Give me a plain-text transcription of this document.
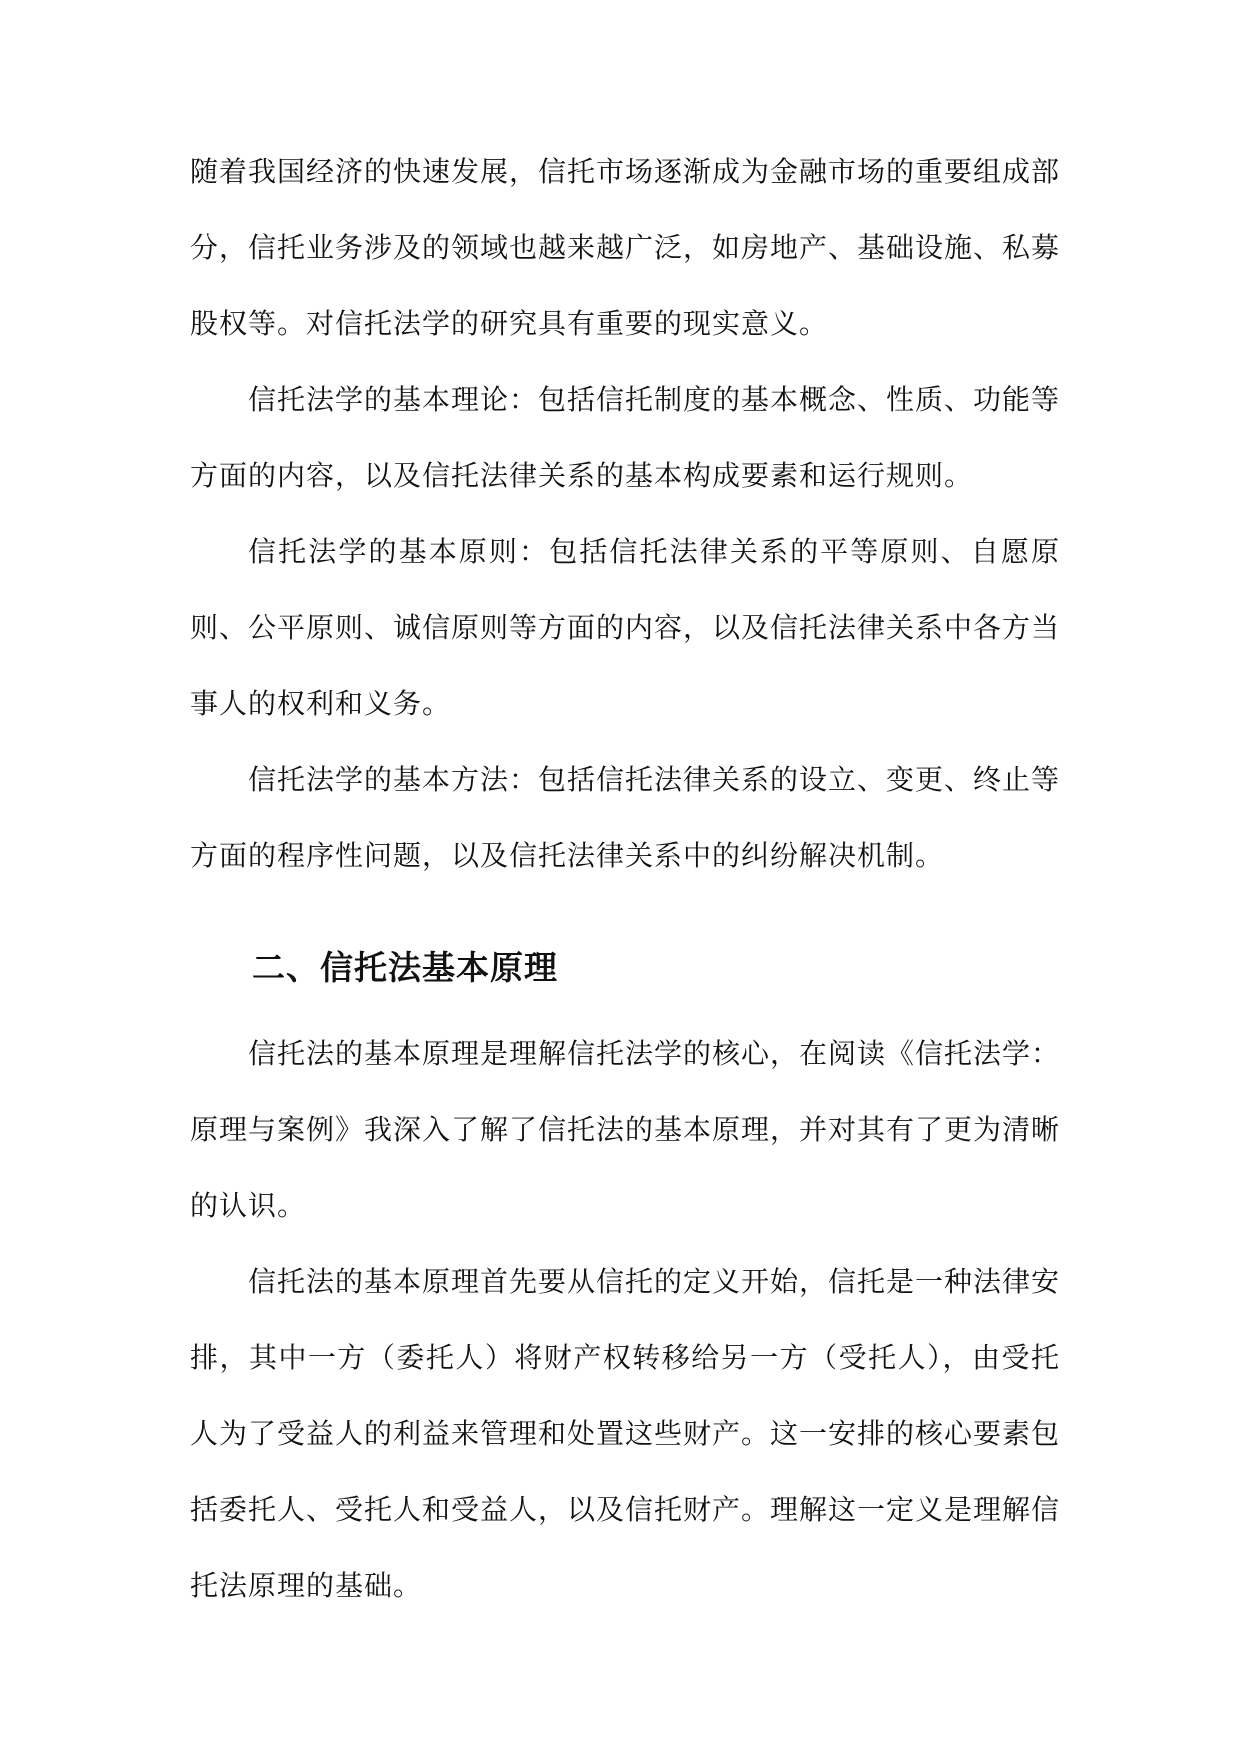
随着我国经济的快速发展，信托市场逐渐成为金融市场的重要组成部分，信托业务涉及的领域也越来越广泛，如房地产、基础设施、私募股权等。对信托法学的研究具有重要的现实意义。

信托法学的基本理论：包括信托制度的基本概念、性质、功能等方面的内容，以及信托法律关系的基本构成要素和运行规则。

信托法学的基本原则：包括信托法律关系的平等原则、自愿原则、公平原则、诚信原则等方面的内容，以及信托法律关系中各方当事人的权利和义务。

信托法学的基本方法：包括信托法律关系的设立、变更、终止等方面的程序性问题，以及信托法律关系中的纠纷解决机制。

二、信托法基本原理

信托法的基本原理是理解信托法学的核心，在阅读《信托法学：原理与案例》我深入了解了信托法的基本原理，并对其有了更为清晰的认识。

信托法的基本原理首先要从信托的定义开始，信托是一种法律安排，其中一方（委托人）将财产权转移给另一方（受托人），由受托人为了受益人的利益来管理和处置这些财产。这一安排的核心要素包括委托人、受托人和受益人，以及信托财产。理解这一定义是理解信托法原理的基础。
